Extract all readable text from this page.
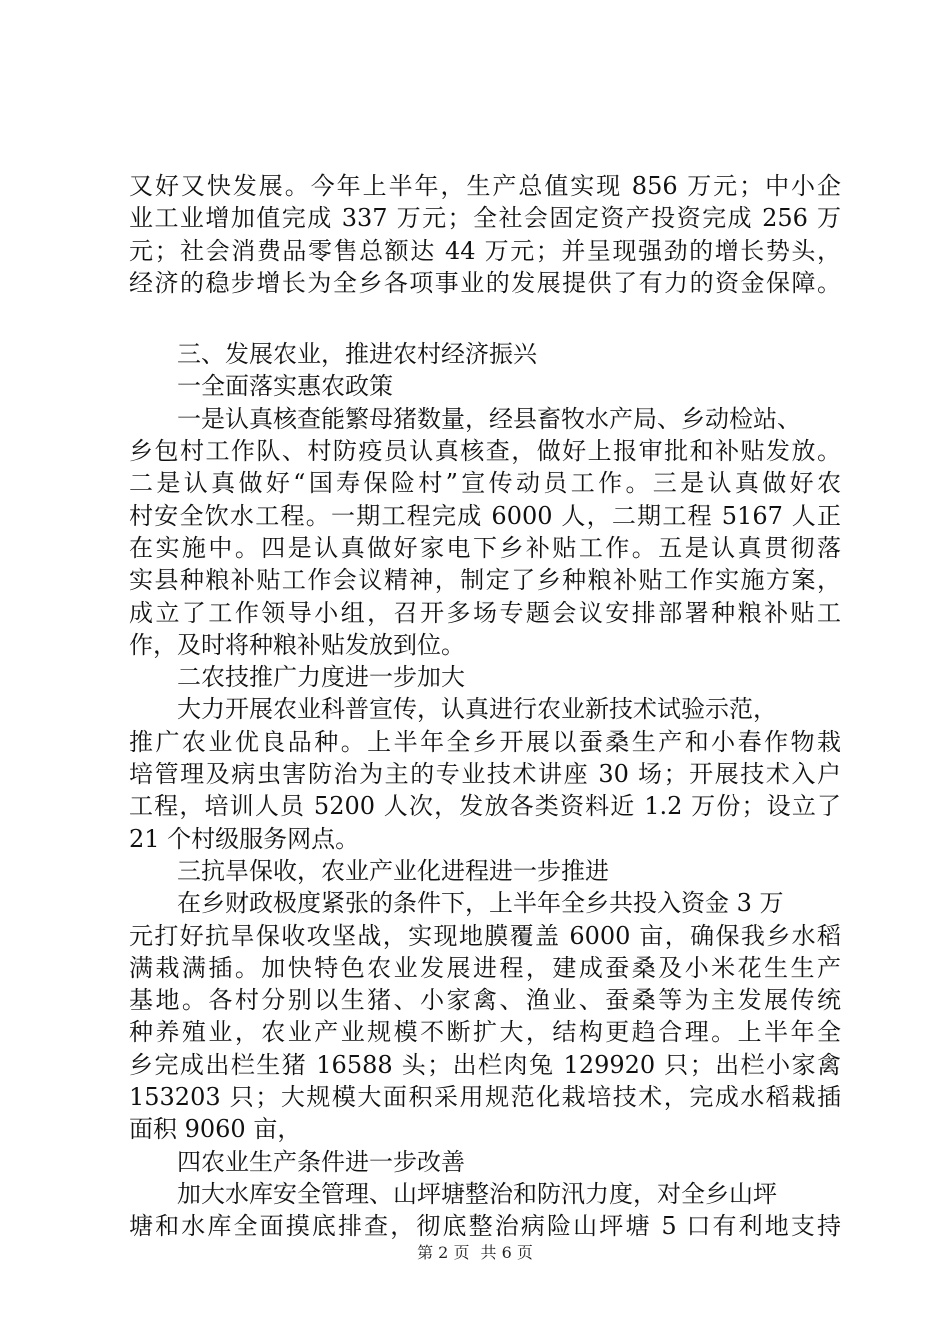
又好又快发展。今年上半年，生产总值实现 856 万元；中小企
业工业增加值完成 337 万元；全社会固定资产投资完成 256 万
元；社会消费品零售总额达 44 万元；并呈现强劲的增长势头，
经济的稳步增长为全乡各项事业的发展提供了有力的资金保障。
三、发展农业，推进农村经济振兴
一全面落实惠农政策
一是认真核查能繁母猪数量，经县畜牧水产局、乡动检站、
乡包村工作队、村防疫员认真核查，做好上报审批和补贴发放。
二是认真做好“国寿保险村”宣传动员工作。三是认真做好农
村安全饮水工程。一期工程完成 6000 人，二期工程 5167 人正
在实施中。四是认真做好家电下乡补贴工作。五是认真贯彻落
实县种粮补贴工作会议精神，制定了乡种粮补贴工作实施方案，
成立了工作领导小组，召开多场专题会议安排部署种粮补贴工
作，及时将种粮补贴发放到位。
二农技推广力度进一步加大
大力开展农业科普宣传，认真进行农业新技术试验示范，
推广农业优良品种。上半年全乡开展以蚕桑生产和小春作物栽
培管理及病虫害防治为主的专业技术讲座 30 场；开展技术入户
工程，培训人员 5200 人次，发放各类资料近 1.2 万份；设立了
21 个村级服务网点。
三抗旱保收，农业产业化进程进一步推进
在乡财政极度紧张的条件下，上半年全乡共投入资金 3 万
元打好抗旱保收攻坚战，实现地膜覆盖 6000 亩，确保我乡水稻
满栽满插。加快特色农业发展进程，建成蚕桑及小米花生生产
基地。各村分别以生猪、小家禽、渔业、蚕桑等为主发展传统
种养殖业，农业产业规模不断扩大，结构更趋合理。上半年全
乡完成出栏生猪 16588 头；出栏肉兔 129920 只；出栏小家禽
153203 只；大规模大面积采用规范化栽培技术，完成水稻栽插
面积 9060 亩，
四农业生产条件进一步改善
加大水库安全管理、山坪塘整治和防汛力度，对全乡山坪
塘和水库全面摸底排查，彻底整治病险山坪塘 5 口有利地支持
第 2 页 共 6 页
